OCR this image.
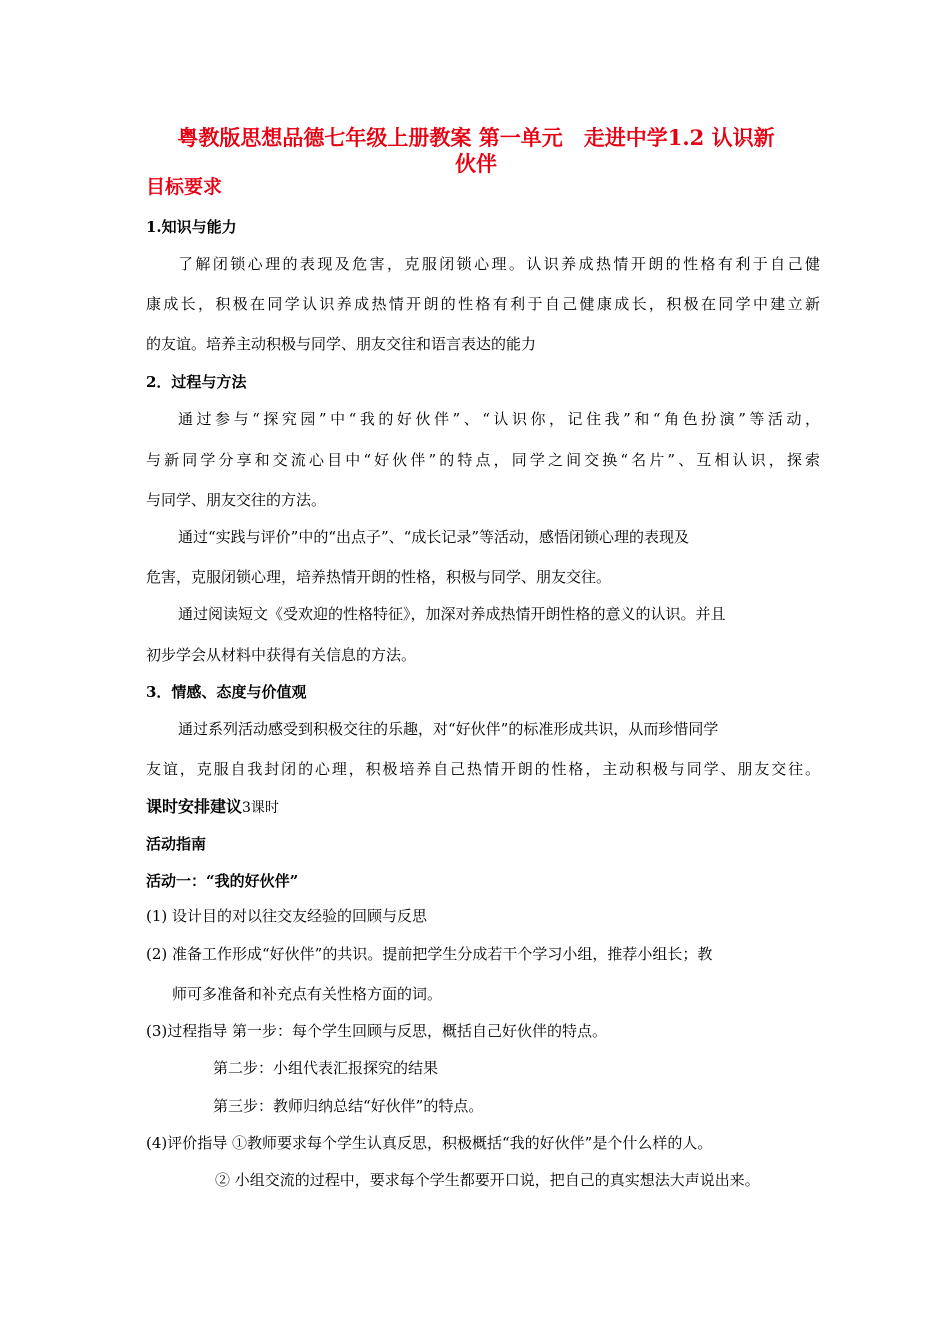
粤教版思想品德七年级上册教案 第一单元　走进中学1.2 认识新
伙伴
目标要求
1.知识与能力
了解闭锁心理的表现及危害，克服闭锁心理。认识养成热情开朗的性格有利于自己健
康成长，积极在同学认识养成热情开朗的性格有利于自己健康成长，积极在同学中建立新
的友谊。培养主动积极与同学、朋友交往和语言表达的能力
2．过程与方法
通过参与“探究园”中“我的好伙伴”、“认识你，记住我”和“角色扮演”等活动，
与新同学分享和交流心目中“好伙伴”的特点，同学之间交换“名片”、互相认识，探索
与同学、朋友交往的方法。
通过“实践与评价”中的“出点子”、“成长记录”等活动，感悟闭锁心理的表现及
危害，克服闭锁心理，培养热情开朗的性格，积极与同学、朋友交往。
通过阅读短文《受欢迎的性格特征》，加深对养成热情开朗性格的意义的认识。并且
初步学会从材料中获得有关信息的方法。
3．情感、态度与价值观
通过系列活动感受到积极交往的乐趣，对“好伙伴”的标准形成共识，从而珍惜同学
友谊，克服自我封闭的心理，积极培养自己热情开朗的性格，主动积极与同学、朋友交往。
课时安排建议3课时
活动指南
活动一：“我的好伙伴”
(1) 设计目的对以往交友经验的回顾与反思
(2) 准备工作形成“好伙伴”的共识。提前把学生分成若干个学习小组，推荐小组长；教
师可多准备和补充点有关性格方面的词。
(3)过程指导 第一步：每个学生回顾与反思，概括自己好伙伴的特点。
第二步：小组代表汇报探究的结果
第三步：教师归纳总结“好伙伴”的特点。
(4)评价指导 ①教师要求每个学生认真反思，积极概括“我的好伙伴”是个什么样的人。
② 小组交流的过程中，要求每个学生都要开口说，把自己的真实想法大声说出来。
